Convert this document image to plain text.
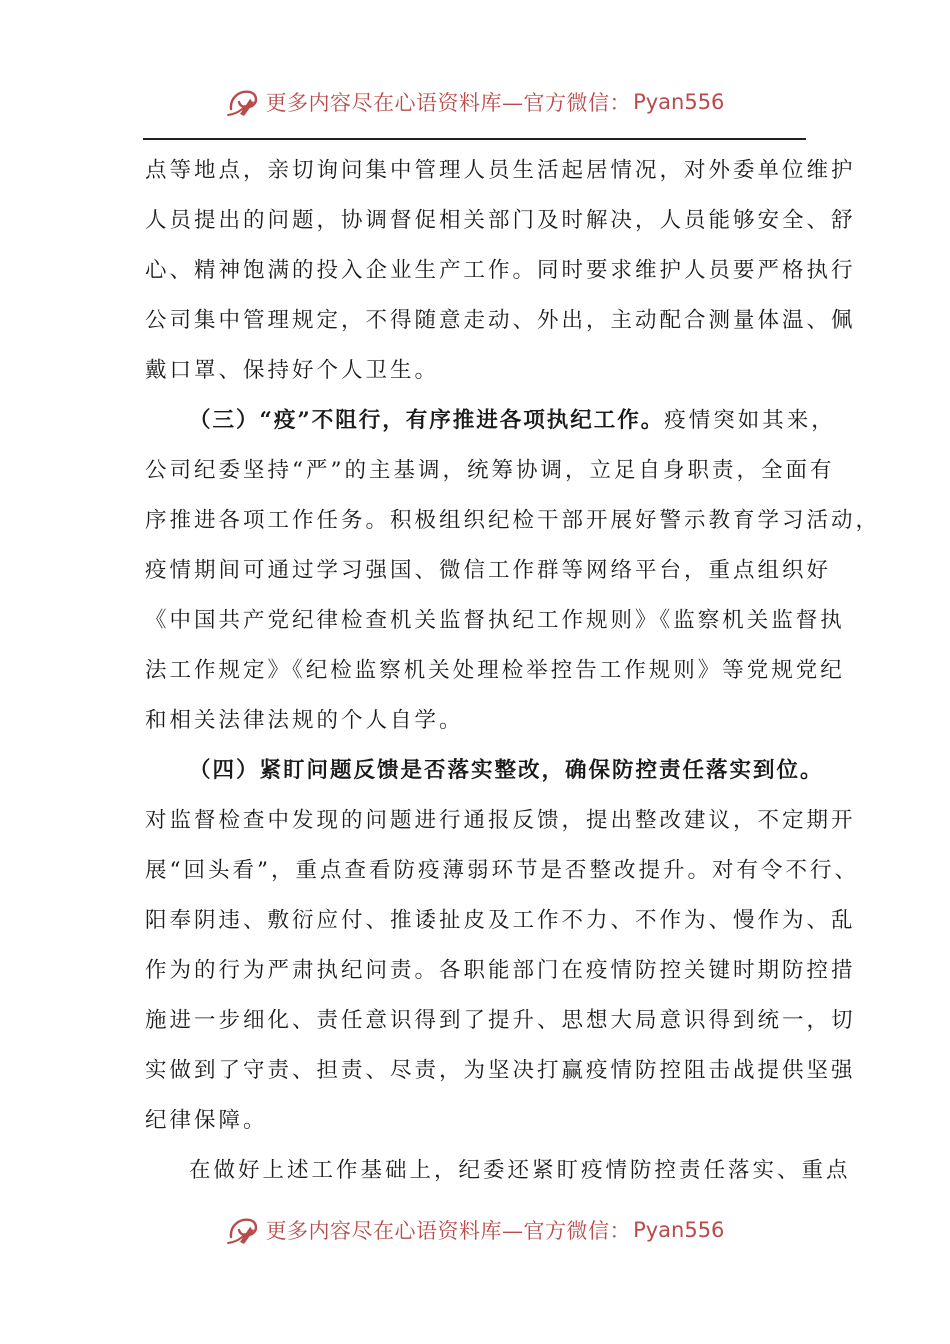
更多内容尽在心语资料库—官方微信： Pyan556
点等地点，亲切询问集中管理人员生活起居情况，对外委单位维护
人员提出的问题，协调督促相关部门及时解决，人员能够安全、舒
心、精神饱满的投入企业生产工作。同时要求维护人员要严格执行
公司集中管理规定，不得随意走动、外出，主动配合测量体温、佩
戴口罩、保持好个人卫生。
（三）“疫”不阻行，有序推进各项执纪工作。疫情突如其来，
公司纪委坚持“严”的主基调，统筹协调，立足自身职责，全面有
序推进各项工作任务。积极组织纪检干部开展好警示教育学习活动，
疫情期间可通过学习强国、微信工作群等网络平台，重点组织好
《中国共产党纪律检查机关监督执纪工作规则》《监察机关监督执
法工作规定》《纪检监察机关处理检举控告工作规则》等党规党纪
和相关法律法规的个人自学。
（四）紧盯问题反馈是否落实整改，确保防控责任落实到位。
对监督检查中发现的问题进行通报反馈，提出整改建议，不定期开
展“回头看”，重点查看防疫薄弱环节是否整改提升。对有令不行、
阳奉阴违、敷衍应付、推诿扯皮及工作不力、不作为、慢作为、乱
作为的行为严肃执纪问责。各职能部门在疫情防控关键时期防控措
施进一步细化、责任意识得到了提升、思想大局意识得到统一，切
实做到了守责、担责、尽责，为坚决打赢疫情防控阻击战提供坚强
纪律保障。
在做好上述工作基础上，纪委还紧盯疫情防控责任落实、重点
更多内容尽在心语资料库—官方微信： Pyan556
